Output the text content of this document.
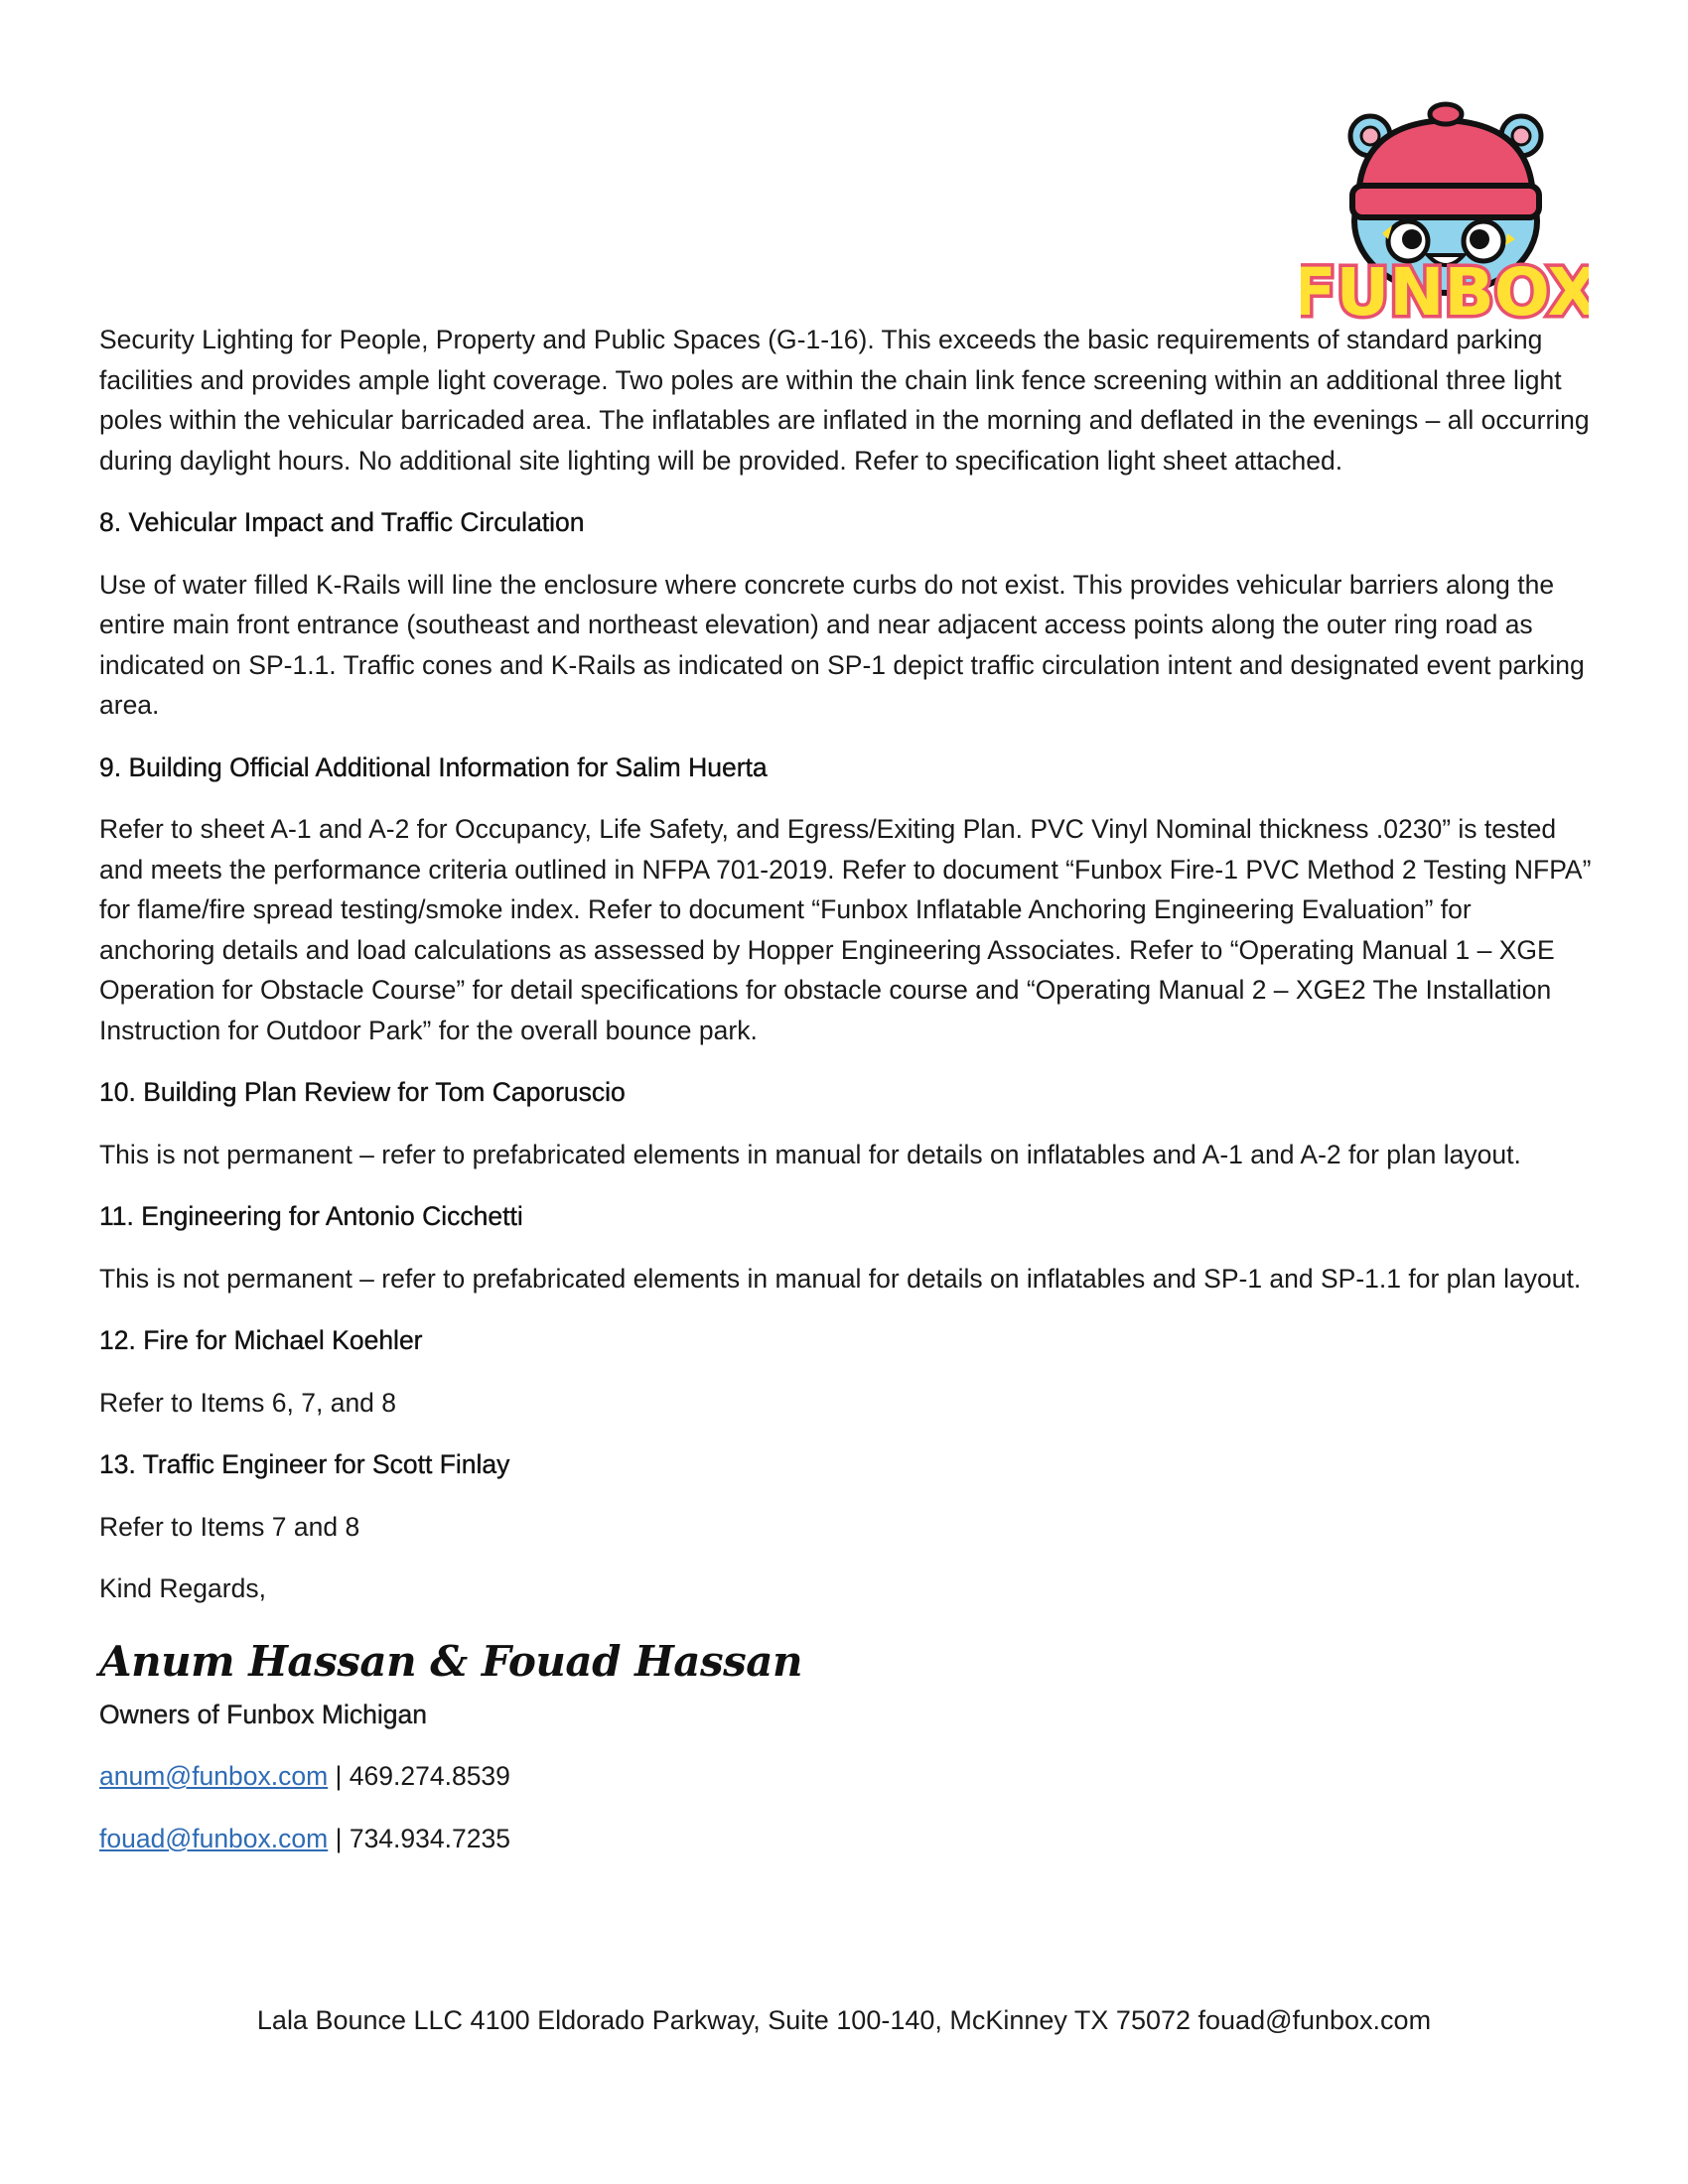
FUNBOX

Security Lighting for People, Property and Public Spaces (G-1-16). This exceeds the basic requirements of standard parking facilities and provides ample light coverage. Two poles are within the chain link fence screening within an additional three light poles within the vehicular barricaded area. The inflatables are inflated in the morning and deflated in the evenings – all occurring during daylight hours. No additional site lighting will be provided. Refer to specification light sheet attached.

8. Vehicular Impact and Traffic Circulation

Use of water filled K-Rails will line the enclosure where concrete curbs do not exist. This provides vehicular barriers along the entire main front entrance (southeast and northeast elevation) and near adjacent access points along the outer ring road as indicated on SP-1.1. Traffic cones and K-Rails as indicated on SP-1 depict traffic circulation intent and designated event parking area.

9. Building Official Additional Information for Salim Huerta

Refer to sheet A-1 and A-2 for Occupancy, Life Safety, and Egress/Exiting Plan. PVC Vinyl Nominal thickness .0230” is tested and meets the performance criteria outlined in NFPA 701-2019. Refer to document “Funbox Fire-1 PVC Method 2 Testing NFPA” for flame/fire spread testing/smoke index. Refer to document “Funbox Inflatable Anchoring Engineering Evaluation” for anchoring details and load calculations as assessed by Hopper Engineering Associates. Refer to “Operating Manual 1 – XGE Operation for Obstacle Course” for detail specifications for obstacle course and “Operating Manual 2 – XGE2 The Installation Instruction for Outdoor Park” for the overall bounce park.

10. Building Plan Review for Tom Caporuscio

This is not permanent – refer to prefabricated elements in manual for details on inflatables and A-1 and A-2 for plan layout.

11. Engineering for Antonio Cicchetti

This is not permanent – refer to prefabricated elements in manual for details on inflatables and SP-1 and SP-1.1 for plan layout.

12. Fire for Michael Koehler

Refer to Items 6, 7, and 8

13. Traffic Engineer for Scott Finlay

Refer to Items 7 and 8

Kind Regards,

Anum Hassan & Fouad Hassan

Owners of Funbox Michigan

anum@funbox.com | 469.274.8539

fouad@funbox.com | 734.934.7235

Lala Bounce LLC 4100 Eldorado Parkway, Suite 100-140, McKinney TX 75072 fouad@funbox.com
